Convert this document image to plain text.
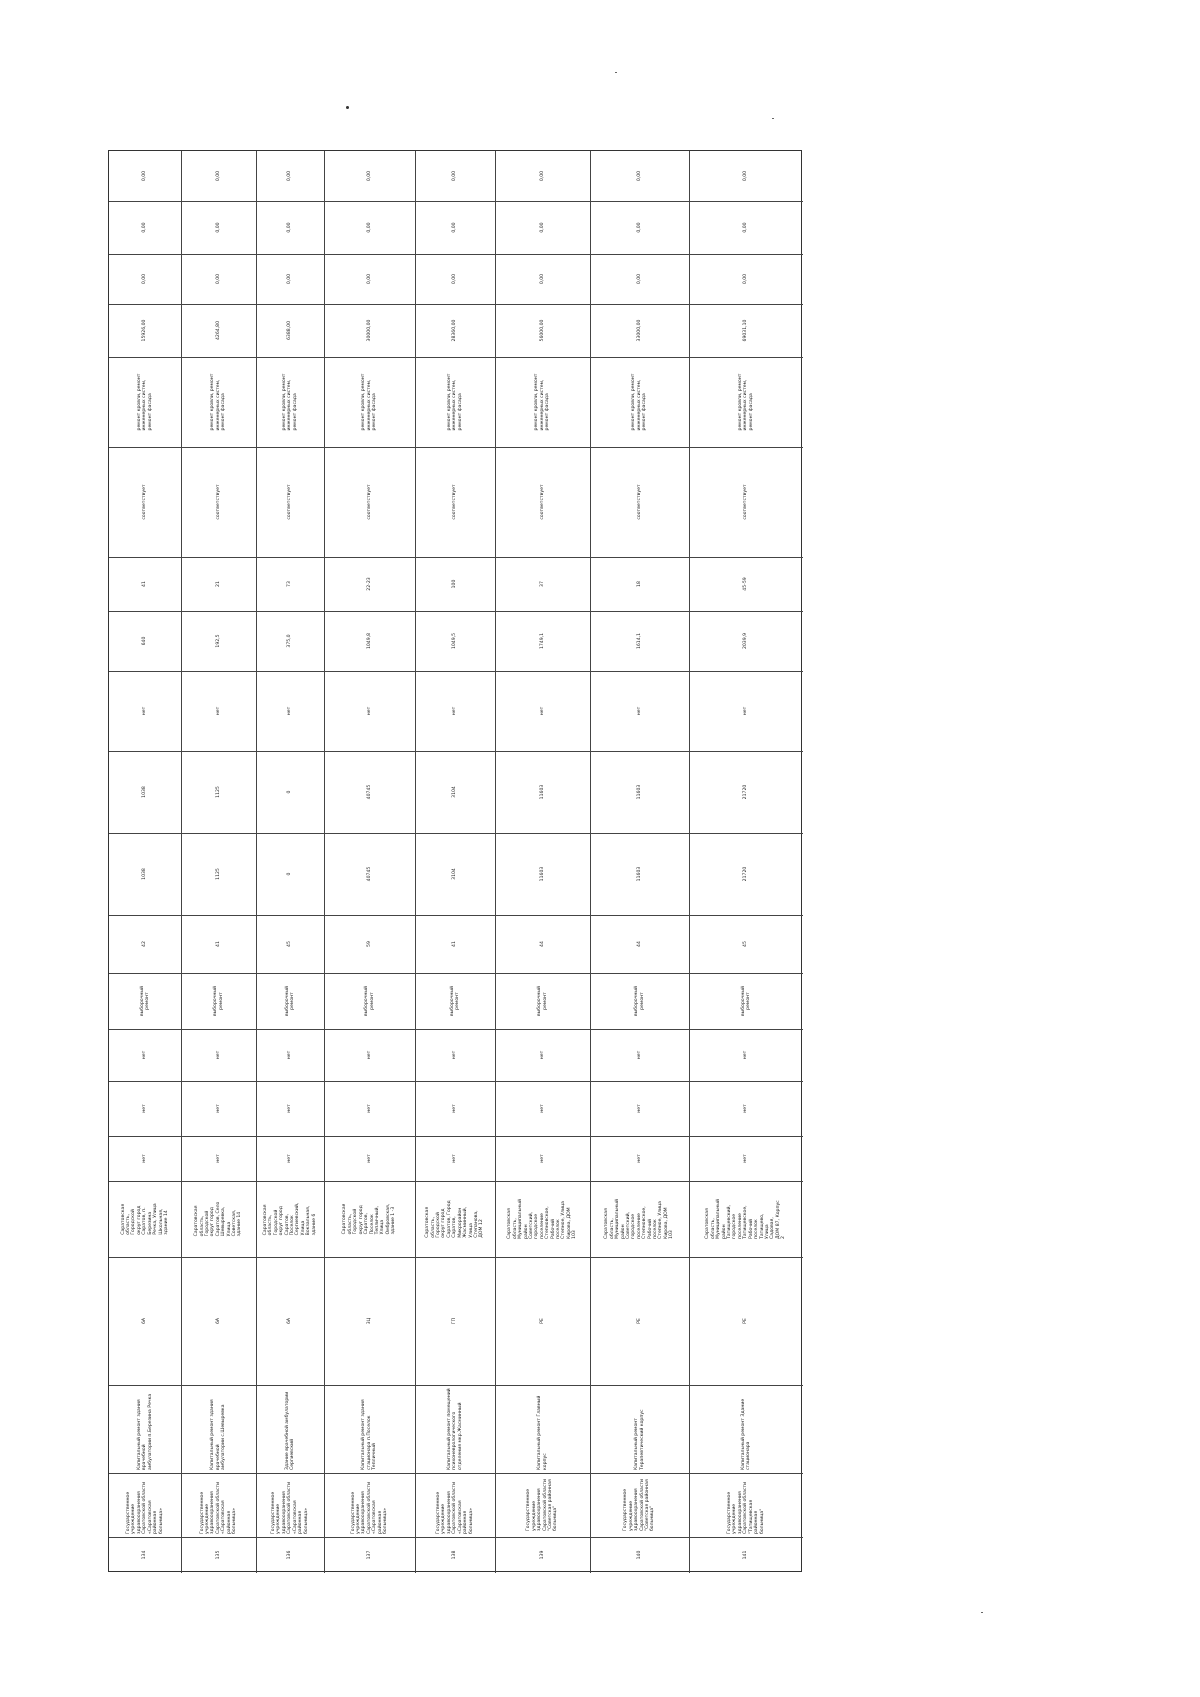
0,00
0,00
0,00
15926,00
ремонт кровли, ремонт
инженерных систем,
ремонт фасада
соответствует
41
640
нет
1038
1038
42
выборочный
ремонт
нет
нет
нет
Саратовская
область,
Городской
округ город
Саратов, п.
Березина
Речка, Улица
Школьная,
здание 14
6А
Капитальный ремонт здания врачебной
амбулатории п.Березина Речка
Государственное
учреждение
здравоохранения
Саратовской области
«Саратовская районная
больница»
134
0,00
0,00
0,00
4264,80
ремонт кровли, ремонт
инженерных систем,
ремонт фасада
соответствует
21
192,5
нет
1125
1125
41
выборочный
ремонт
нет
нет
нет
Саратовская
область,
Городской
округ город
Саратов, Село
Шевыревка,
Улица
Советская,
здание 14
6А
Капитальный ремонт здания врачебной
амбулатории с.Шевыревка
Государственное
учреждение
здравоохранения
Саратовской области
«Саратовская районная
больница»
135
0,00
0,00
0,00
6388,00
ремонт кровли, ремонт
инженерных систем,
ремонт фасада
соответствует
73
375,0
нет
0
0
45
выборочный
ремонт
нет
нет
нет
Саратовская
область,
Городской
округ город
Саратов,
Поселок
Сергиевский,
Улица
Вокзальная,
здание 6
6А
Здание врачебной амбулатории Сергиевский
Государственное
учреждение
здравоохранения
Саратовской области
«Саратовская районная
больница»
136
0,00
0,00
0,00
30000,00
ремонт кровли, ремонт
инженерных систем,
ремонт фасада
соответствует
22-23
1049,8
нет
40745
40745
59
выборочный
ремонт
нет
нет
нет
Саратовская
область,
Городской
округ город
Саратов,
Поселок
Тепличный,
Улица
Омбровская,
здание 1 -3
3Ц
Капитальный ремонт здания стационара п.Поселок
Тепличный
Государственное
учреждение
здравоохранения
Саратовской области
«Саратовская районная
больница»
137
0,00
0,00
0,00
28360,00
ремонт кровли, ремонт
инженерных систем,
ремонт фасада
соответствует
100
1049,5
нет
3104
3104
41
выборочный
ремонт
нет
нет
нет
Саратовская
область,
Городской
округ город
Саратов, Город
Саратов,
Микрорайон
Жасминный,
Улица
Степанова,
ДОМ 12
ГП
Капитальный ремонт помещений
психоневрологического отделения мкр.Жасминный
Государственное
учреждение
здравоохранения
Саратовской области
«Саратовская районная
больница»
138
0,00
0,00
0,00
56000,00
ремонт кровли, ремонт
инженерных систем,
ремонт фасада
соответствует
37
1749,1
нет
11603
11603
44
выборочный
ремонт
нет
нет
нет
Саратовская
область,
Муниципальный
район
Советский,
городское
поселение
Степновское,
Рабочий
поселок
Степное, Улица
Кирова, ДОМ
103
РЕ
Капитальный ремонт Главный корпус
Государственное
учреждение
здравоохранения
Саратовской области
"Советская районная
больница"
139
0,00
0,00
0,00
33000,00
ремонт кровли, ремонт
инженерных систем,
ремонт фасада
соответствует
18
1614,1
нет
11603
11603
44
выборочный
ремонт
нет
нет
нет
Саратовская
область,
Муниципальный
район
Советский,
городское
поселение
Степновское,
Рабочий
поселок
Степное, Улица
Кирова, ДОМ
103
РЕ
Капитальный ремонт Терапевтический корпус
Государственное
учреждение
здравоохранения
Саратовской области
"Советская районная
больница"
140
0,00
0,00
0,00
69031,10
ремонт кровли, ремонт
инженерных систем,
ремонт фасада
соответствует
45-59
2039,9
нет
21720
21720
45
выборочный
ремонт
нет
нет
нет
Саратовская
область,
Муниципальный
район
Татищевский,
городское
поселение
Татищевское,
Рабочий
поселок
Татищево,
Улица
Садовая,
ДОМ 87, Корпус
2
РЕ
Капитальный ремонт Здание стационара
Государственное
учреждение
здравоохранения
Саратовской области
"Татищевская районная
больница"
141
